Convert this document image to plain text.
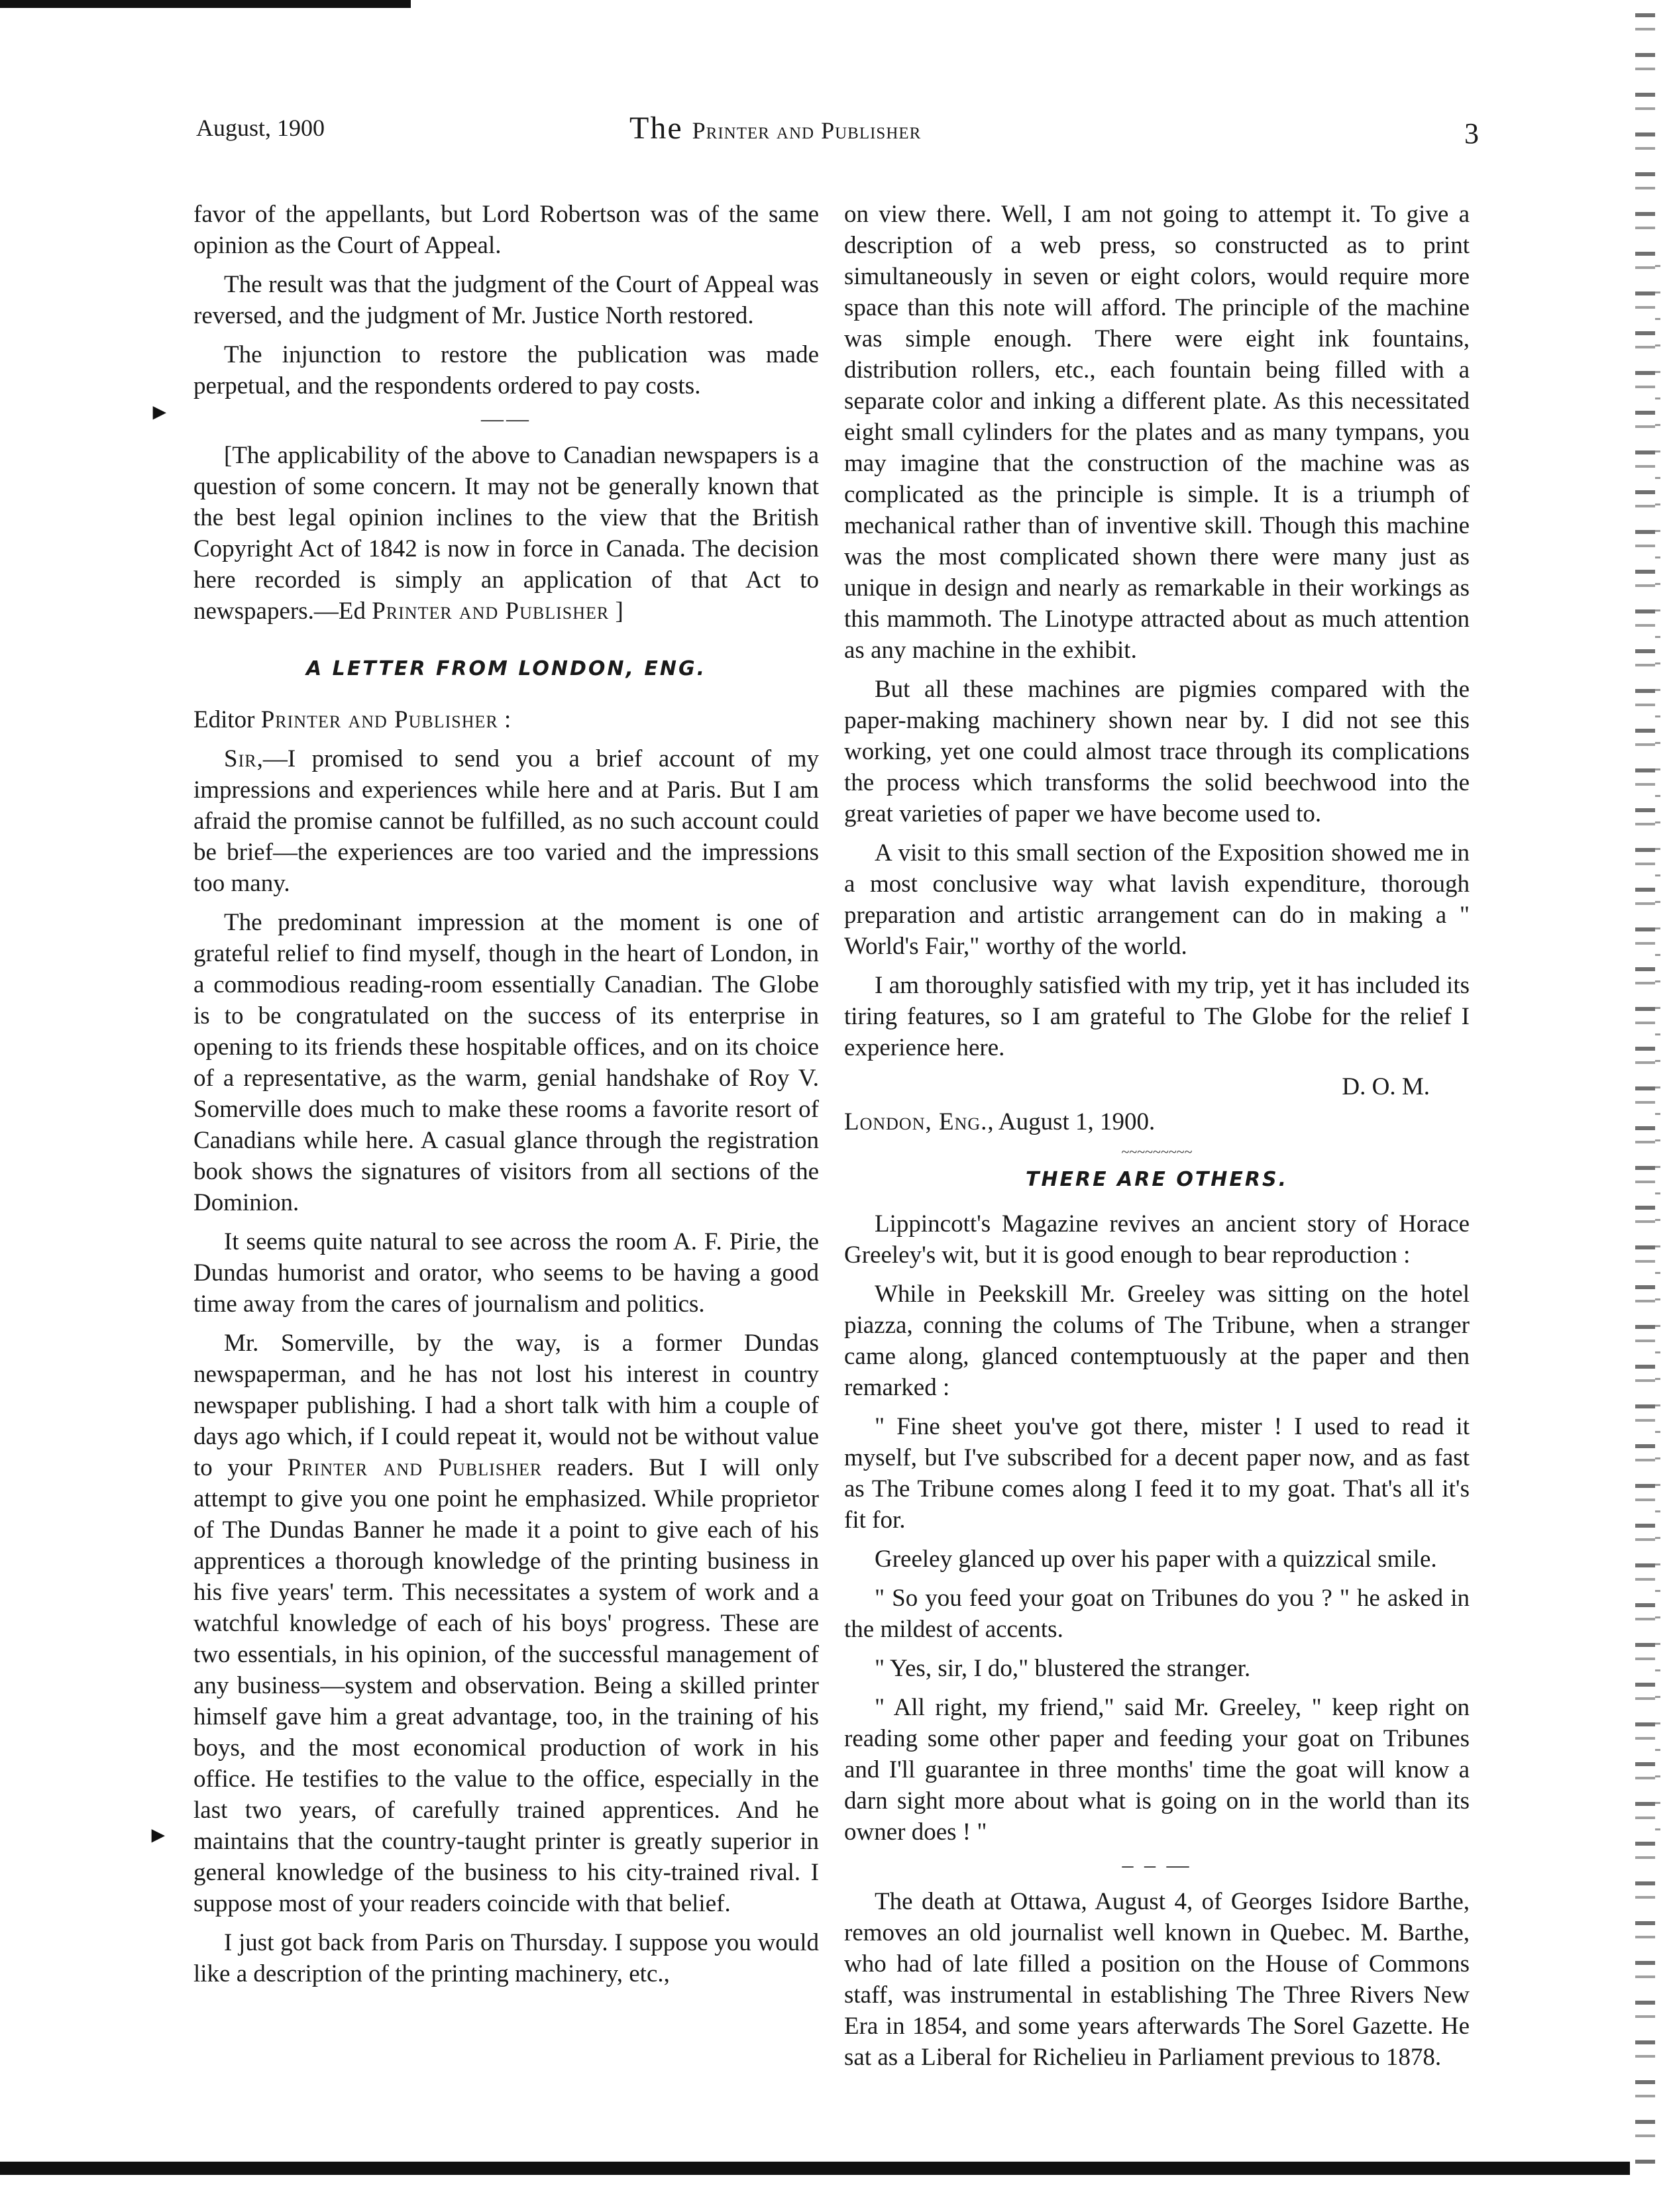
August, 1900	The Printer and Publisher	3
►
►

favor of the appellants, but Lord Robertson was of the same opinion as the Court of Appeal.

The result was that the judgment of the Court of Appeal was reversed, and the judgment of Mr. Justice North restored.

The injunction to restore the publication was made perpetual, and the respondents ordered to pay costs.

——

[The applicability of the above to Canadian newspapers is a question of some concern. It may not be generally known that the best legal opinion inclines to the view that the British Copyright Act of 1842 is now in force in Canada. The decision here recorded is simply an application of that Act to newspapers.—Ed Printer and Publisher ]

A LETTER FROM LONDON, ENG.

Editor Printer and Publisher :

Sir,—I promised to send you a brief account of my impressions and experiences while here and at Paris. But I am afraid the promise cannot be fulfilled, as no such account could be brief—the experiences are too varied and the impressions too many.

The predominant impression at the moment is one of grateful relief to find myself, though in the heart of London, in a commodious reading-room essentially Canadian. The Globe is to be congratulated on the success of its enterprise in opening to its friends these hospitable offices, and on its choice of a representative, as the warm, genial handshake of Roy V. Somerville does much to make these rooms a favorite resort of Canadians while here. A casual glance through the registration book shows the signatures of visitors from all sections of the Dominion.

It seems quite natural to see across the room A. F. Pirie, the Dundas humorist and orator, who seems to be having a good time away from the cares of journalism and politics.

Mr. Somerville, by the way, is a former Dundas newspaperman, and he has not lost his interest in country newspaper publishing. I had a short talk with him a couple of days ago which, if I could repeat it, would not be without value to your Printer and Publisher readers. But I will only attempt to give you one point he emphasized. While proprietor of The Dundas Banner he made it a point to give each of his apprentices a thorough knowledge of the printing business in his five years' term. This necessitates a system of work and a watchful knowledge of each of his boys' progress. These are two essentials, in his opinion, of the successful management of any business—system and observation. Being a skilled printer himself gave him a great advantage, too, in the training of his boys, and the most economical production of work in his office. He testifies to the value to the office, especially in the last two years, of carefully trained apprentices. And he maintains that the country-taught printer is greatly superior in general knowledge of the business to his city-trained rival. I suppose most of your readers coincide with that belief.

I just got back from Paris on Thursday. I suppose you would like a description of the printing machinery, etc.,

on view there. Well, I am not going to attempt it. To give a description of a web press, so constructed as to print simultaneously in seven or eight colors, would require more space than this note will afford. The principle of the machine was simple enough. There were eight ink fountains, distribution rollers, etc., each fountain being filled with a separate color and inking a different plate. As this necessitated eight small cylinders for the plates and as many tympans, you may imagine that the construction of the machine was as complicated as the principle is simple. It is a triumph of mechanical rather than of inventive skill. Though this machine was the most complicated shown there were many just as unique in design and nearly as remarkable in their workings as this mammoth. The Linotype attracted about as much attention as any machine in the exhibit.

But all these machines are pigmies compared with the paper-making machinery shown near by. I did not see this working, yet one could almost trace through its complications the process which transforms the solid beechwood into the great varieties of paper we have become used to.

A visit to this small section of the Exposition showed me in a most conclusive way what lavish expenditure, thorough preparation and artistic arrangement can do in making a " World's Fair," worthy of the world.

I am thoroughly satisfied with my trip, yet it has included its tiring features, so I am grateful to The Globe for the relief I experience here.

D. O. M.

London, Eng., August 1, 1900.

~~~~~~~~~
THERE ARE OTHERS.

Lippincott's Magazine revives an ancient story of Horace Greeley's wit, but it is good enough to bear reproduction :

While in Peekskill Mr. Greeley was sitting on the hotel piazza, conning the colums of The Tribune, when a stranger came along, glanced contemptuously at the paper and then remarked :

" Fine sheet you've got there, mister ! I used to read it myself, but I've subscribed for a decent paper now, and as fast as The Tribune comes along I feed it to my goat. That's all it's fit for.

Greeley glanced up over his paper with a quizzical smile.

" So you feed your goat on Tribunes do you ? " he asked in the mildest of accents.

" Yes, sir, I do," blustered the stranger.

" All right, my friend," said Mr. Greeley, " keep right on reading some other paper and feeding your goat on Tribunes and I'll guarantee in three months' time the goat will know a darn sight more about what is going on in the world than its owner does ! "

– – —

The death at Ottawa, August 4, of Georges Isidore Barthe, removes an old journalist well known in Quebec. M. Barthe, who had of late filled a position on the House of Commons staff, was instrumental in establishing The Three Rivers New Era in 1854, and some years afterwards The Sorel Gazette. He sat as a Liberal for Richelieu in Parliament previous to 1878.
